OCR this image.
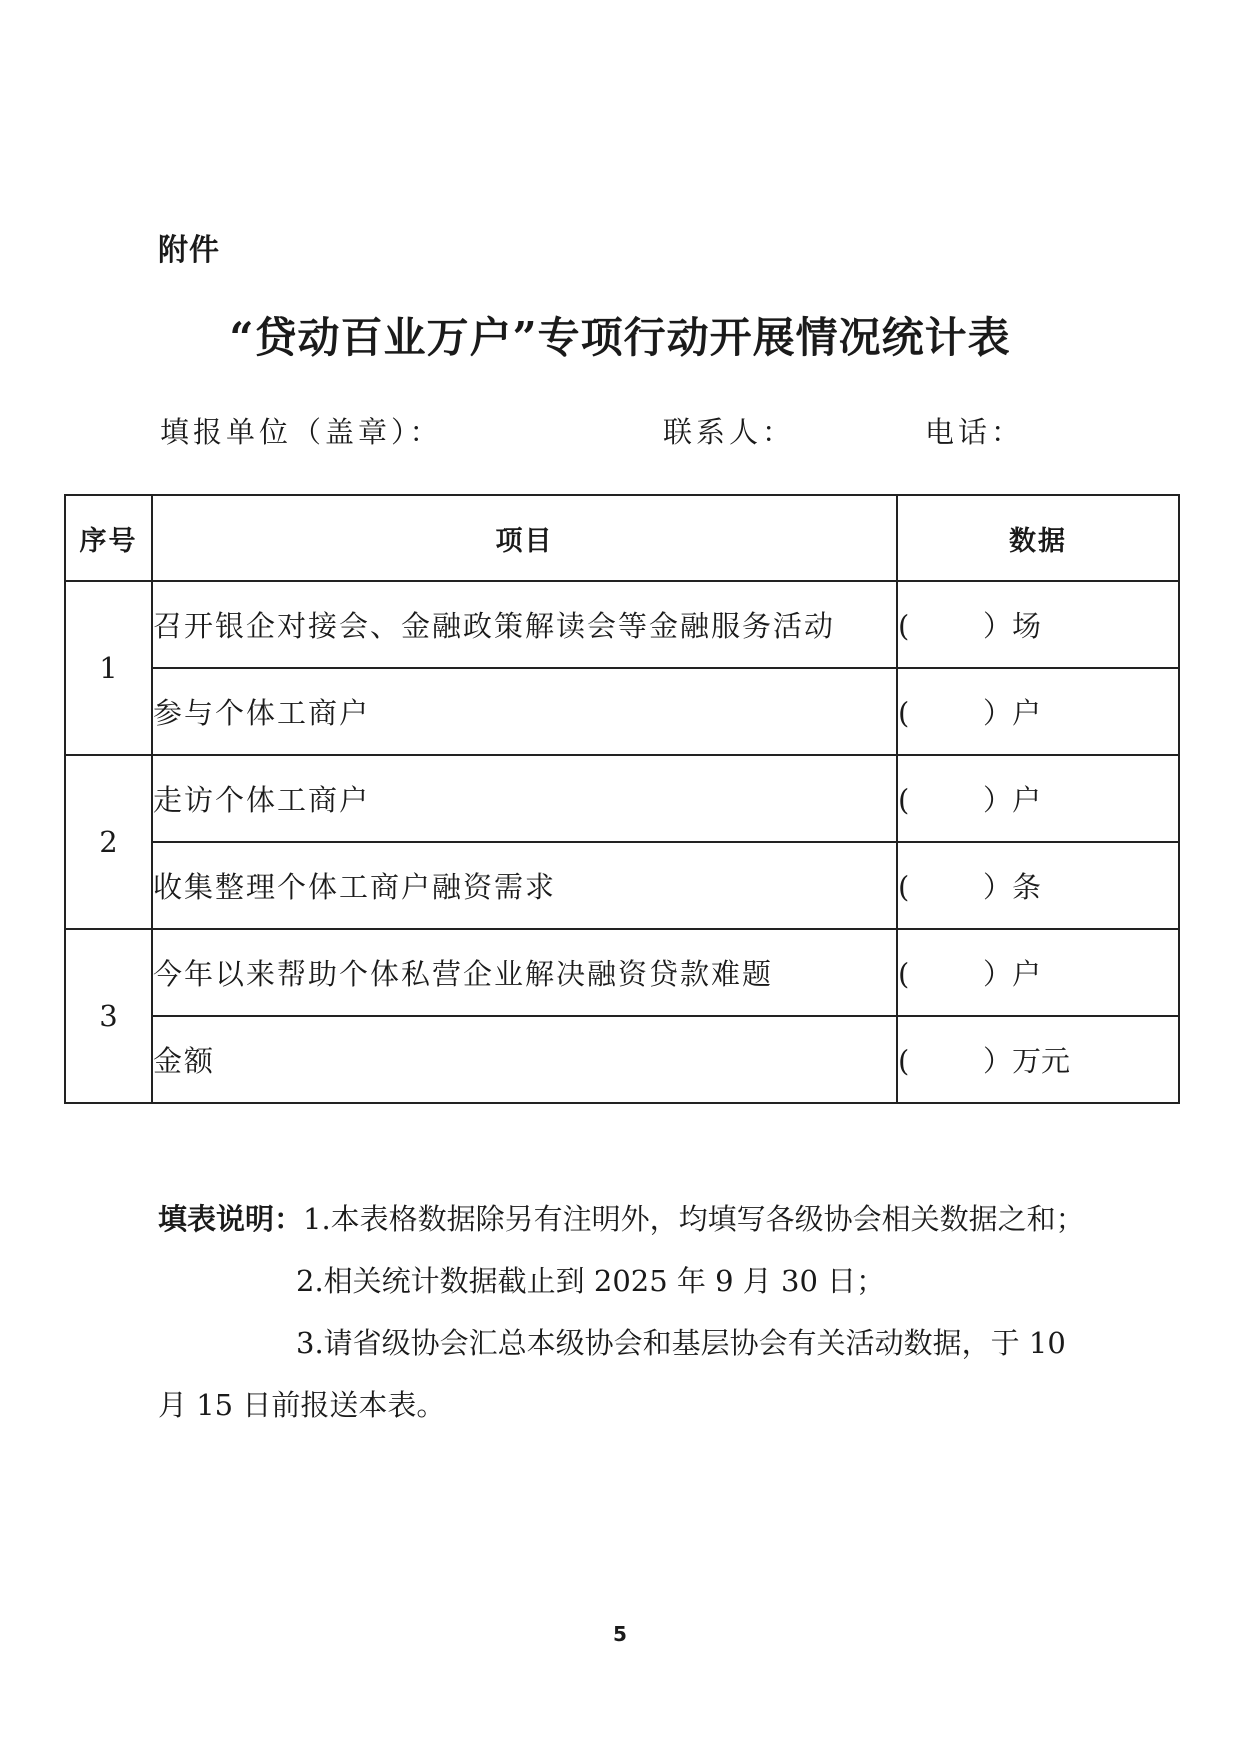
附件
“贷动百业万户”专项行动开展情况统计表
填报单位（盖章）：	联系人：	电话：
序号	项目	数据
1	召开银企对接会、金融政策解读会等金融服务活动	(        ）场
	参与个体工商户	(        ）户
2	走访个体工商户	(        ）户
	收集整理个体工商户融资需求	(        ）条
3	今年以来帮助个体私营企业解决融资贷款难题	(        ）户
	金额	(        ）万元
填表说明：1.本表格数据除另有注明外，均填写各级协会相关数据之和；
2.相关统计数据截止到 2025 年 9 月 30 日；
3.请省级协会汇总本级协会和基层协会有关活动数据，于 10
月 15 日前报送本表。
5
